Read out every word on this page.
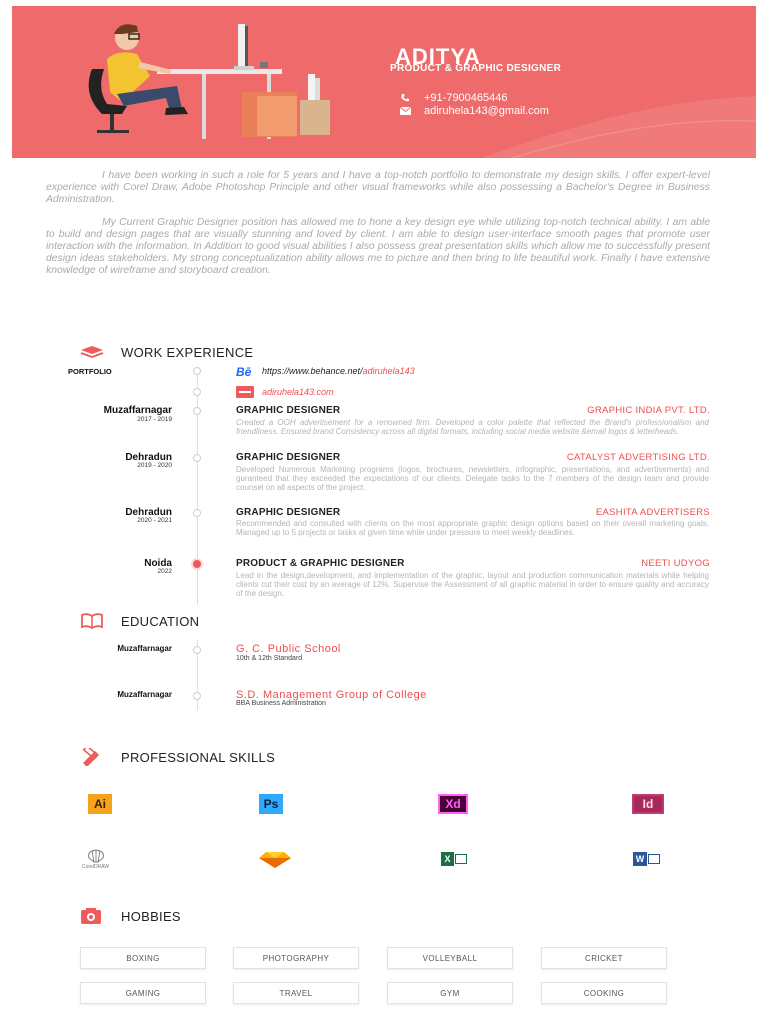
ADITYA
PRODUCT & GRAPHIC DESIGNER
+91-7900465446
adiruhela143@gmail.com

I have been working in such a role for 5 years and I have a top-notch portfolio to demonstrate my design skills. I offer expert-level experience with Corel Draw, Adobe Photoshop Principle and other visual frameworks while also possessing a Bachelor's Degree in Business Administration.

My Current Graphic Designer position has allowed me to hone a key design eye while utilizing top-notch technical ability. I am able to build and design pages that are visually stunning and loved by client. I am able to design user-interface smooth pages that promote user interaction with the information. In Addition to good visual abilities I also possess great presentation skills which allow me to successfully present design ideas stakeholders. My strong conceptualization ability allows me to picture and then bring to life beautiful work. Finally I have extensive knowledge of wireframe and storyboard creation.

WORK EXPERIENCE
PORTFOLIO	Bē https://www.behance.net/ adiruhela143
adiruhela143.com
Muzaffarnagar
2017 - 2019
GRAPHIC DESIGNER	GRAPHIC INDIA PVT. LTD.
Created a OOH advertisement for a renowned firm. Developed a color palette that reflected the Brand's professionalism and friendliness. Ensured brand Consistency across all digital formats, including social media website &email logos & letterheads.
Dehradun
2019 - 2020
GRAPHIC DESIGNER	CATALYST ADVERTISING LTD.
Developed Numerous Marketing programs (logos, brochures, newsletters, infographic, presentations, and advertisements) and guranteed that they exceeded the expectations of our clients. Delegate tasks to the 7 members of the design team and provide counsel on all aspects of the project.
Dehradun
2020 - 2021
GRAPHIC DESIGNER	EASHITA ADVERTISERS
Recommended and consulted with clients on the most appropriate graphic design options based on their overall marketing goals. Managed up to 5 projects or tasks at given time while under pressure to meet weekly deadlines.
Noida
2022
PRODUCT & GRAPHIC DESIGNER	NEETI UDYOG
Lead in the design,development, and implementation of the graphic, layout and production communication materials while helping clients cut their cost by an average of 12%. Supervise the Assessment of all graphic material in order to ensure quality and accuracy of the design.
EDUCATION
Muzaffarnagar	G. C. Public School
10th & 12th Standard
Muzaffarnagar	S.D. Management Group of College
BBA Business Administration
PROFESSIONAL SKILLS
Ai	Ps	Xd	Id
CorelDRAW
X	W
HOBBIES
BOXING	PHOTOGRAPHY	VOLLEYBALL	CRICKET
GAMING	TRAVEL	GYM	COOKING
